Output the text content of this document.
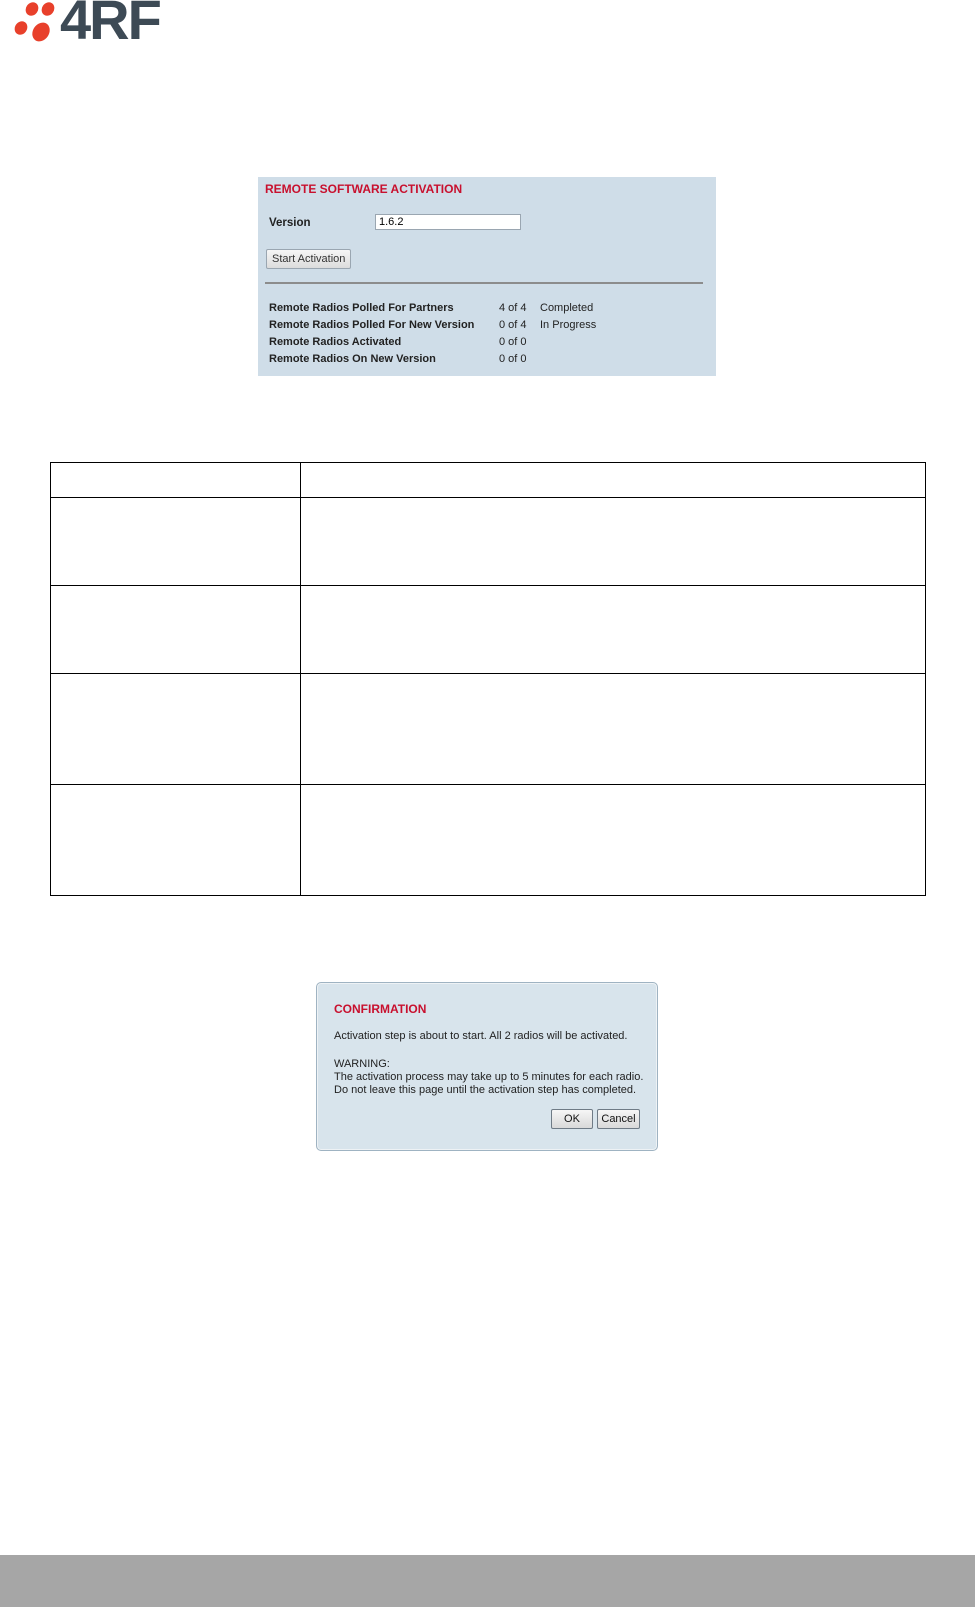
4RF
REMOTE SOFTWARE ACTIVATION
Version
1.6.2
Start Activation
Remote Radios Polled For Partners	4 of 4 Completed
Remote Radios Polled For New Version 0 of 4 In Progress
Remote Radios Activated	0 of 0
Remote Radios On New Version	0 of 0

CONFIRMATION
Activation step is about to start. All 2 radios will be activated.
WARNING:
The activation process may take up to 5 minutes for each radio.
Do not leave this page until the activation step has completed.
OK	Cancel
